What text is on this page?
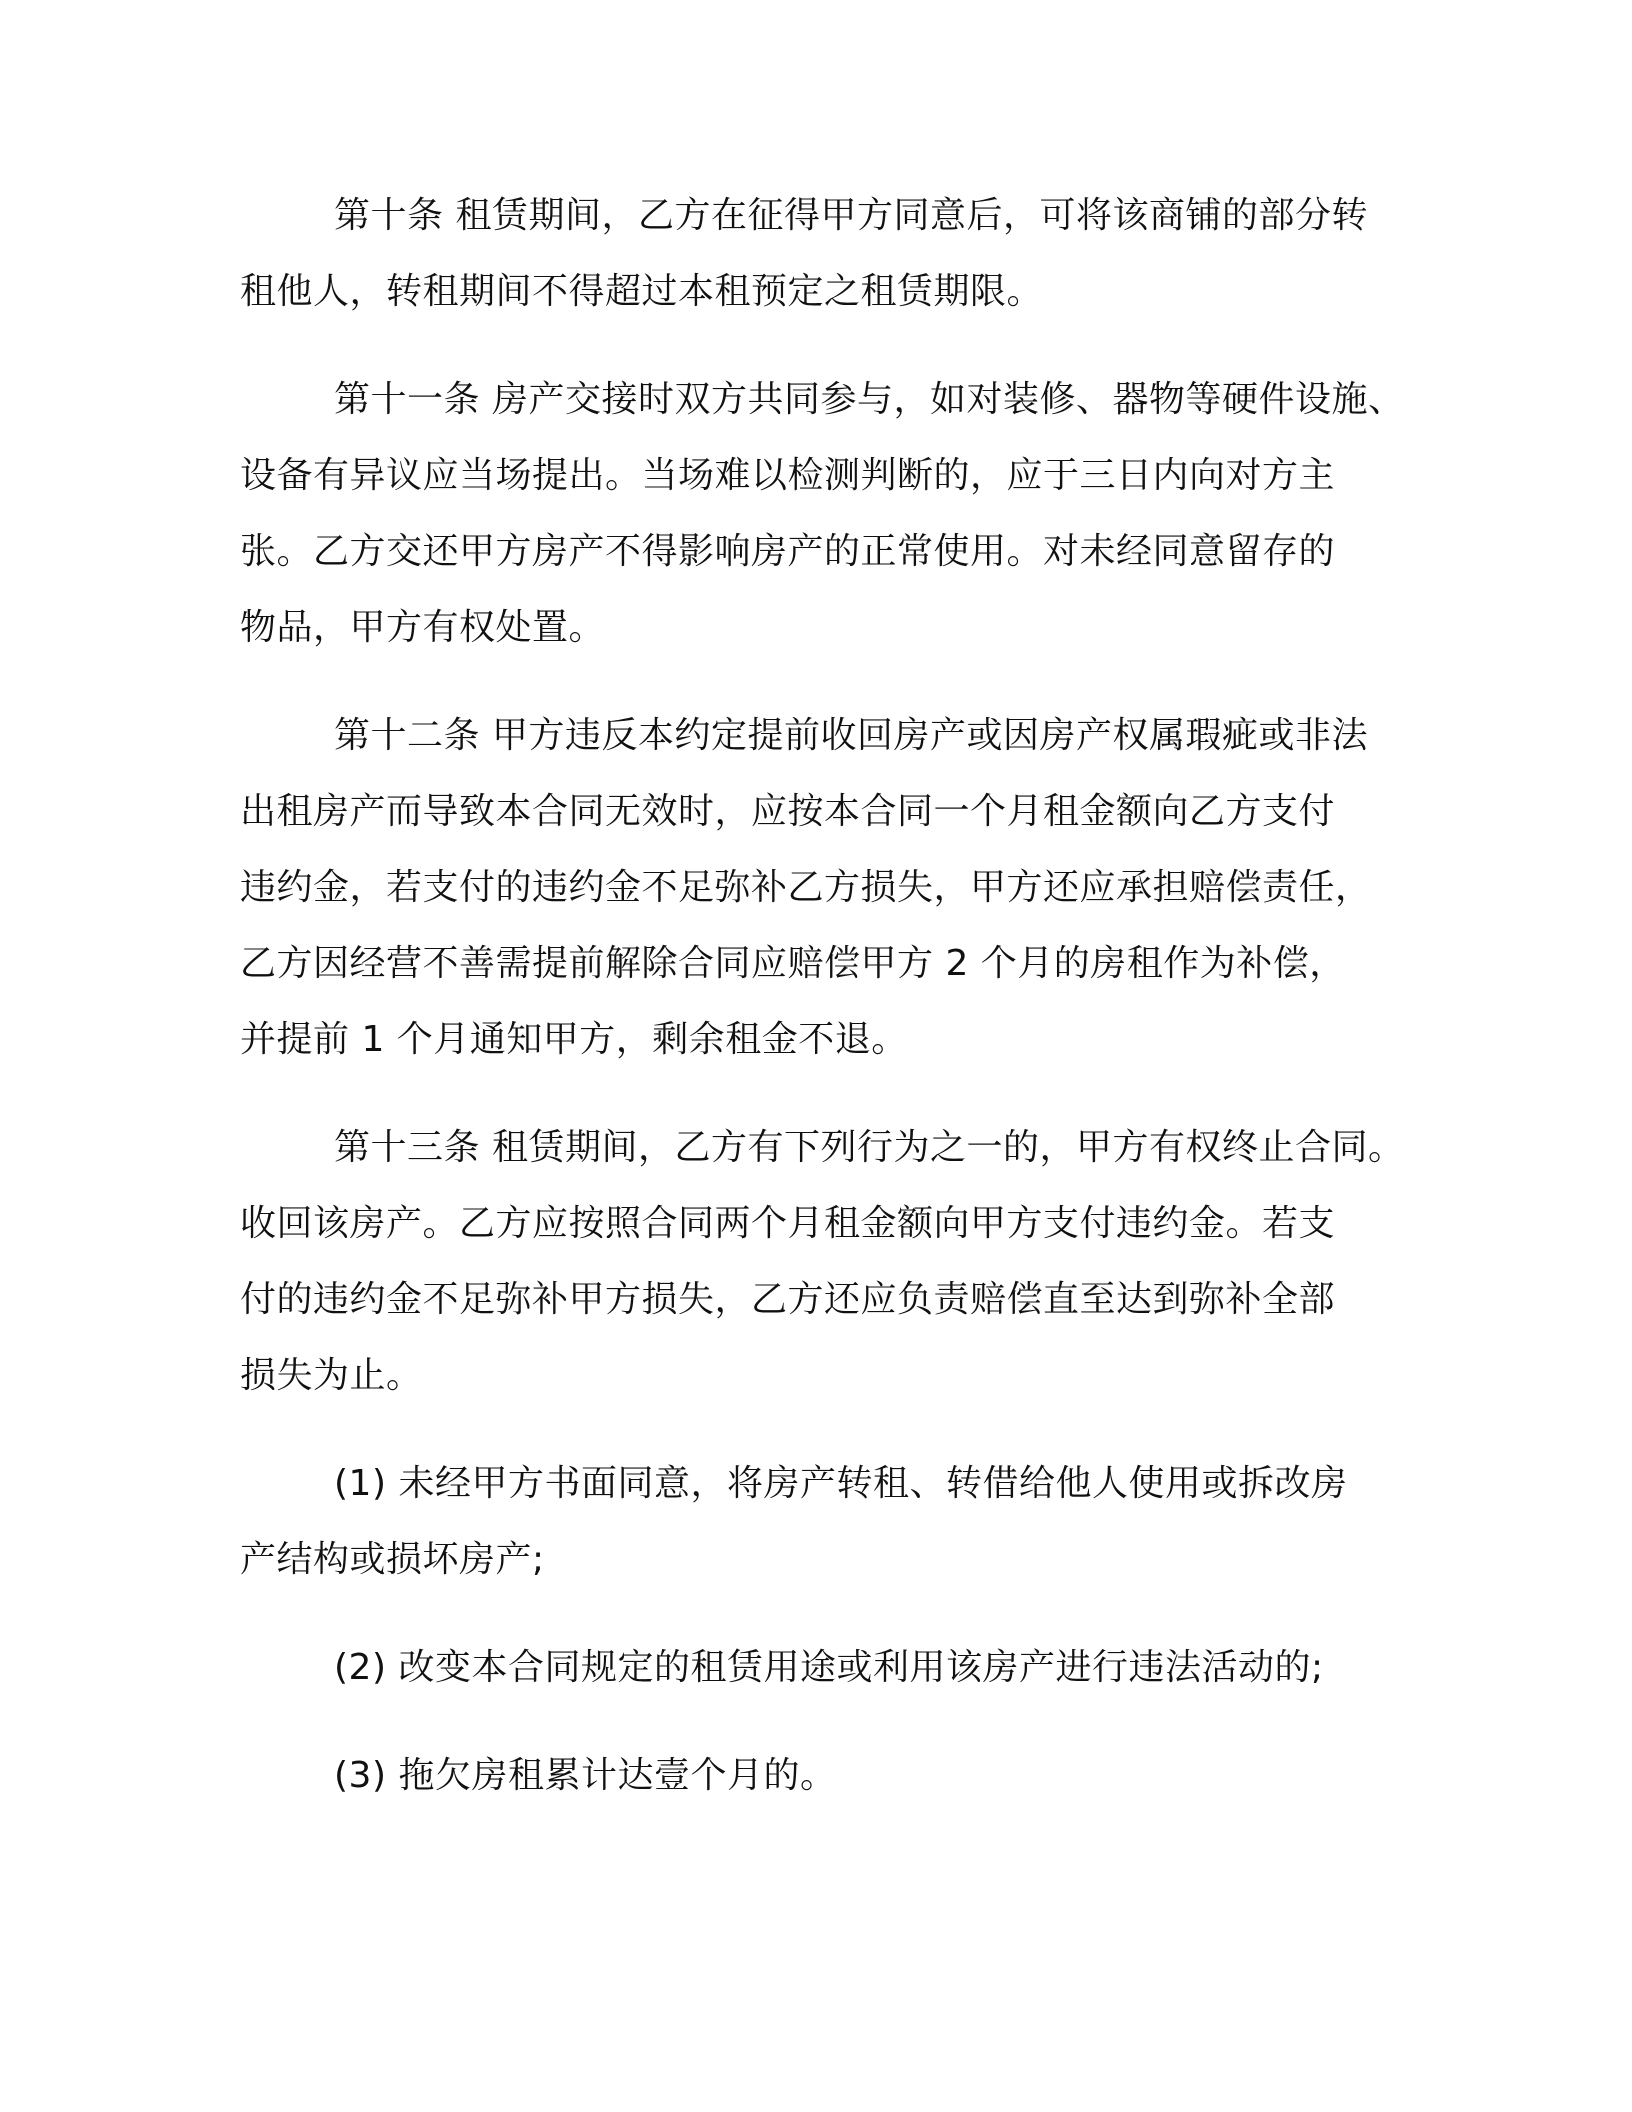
第十条 租赁期间，乙方在征得甲方同意后，可将该商铺的部分转

租他人，转租期间不得超过本租预定之租赁期限。

第十一条 房产交接时双方共同参与，如对装修、器物等硬件设施、

设备有异议应当场提出。当场难以检测判断的，应于三日内向对方主

张。乙方交还甲方房产不得影响房产的正常使用。对未经同意留存的

物品，甲方有权处置。

第十二条 甲方违反本约定提前收回房产或因房产权属瑕疵或非法

出租房产而导致本合同无效时，应按本合同一个月租金额向乙方支付

违约金，若支付的违约金不足弥补乙方损失，甲方还应承担赔偿责任，

乙方因经营不善需提前解除合同应赔偿甲方 2 个月的房租作为补偿，

并提前 1 个月通知甲方，剩余租金不退。

第十三条 租赁期间，乙方有下列行为之一的，甲方有权终止合同。

收回该房产。乙方应按照合同两个月租金额向甲方支付违约金。若支

付的违约金不足弥补甲方损失，乙方还应负责赔偿直至达到弥补全部

损失为止。

(1) 未经甲方书面同意，将房产转租、转借给他人使用或拆改房

产结构或损坏房产;

(2) 改变本合同规定的租赁用途或利用该房产进行违法活动的;

(3) 拖欠房租累计达壹个月的。
